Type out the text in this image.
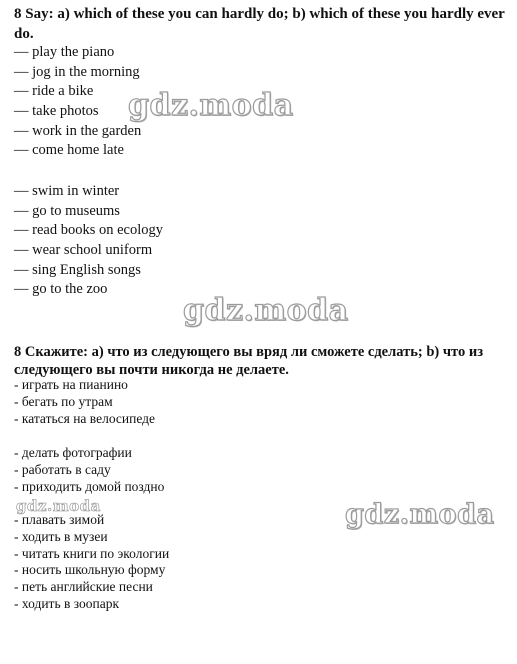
8 Say: a) which of these you can hardly do; b) which of these you hardly ever do.
— play the piano
— jog in the morning
— ride a bike
— take photos
— work in the garden
— come home late
— swim in winter
— go to museums
— read books on ecology
— wear school uniform
— sing English songs
— go to the zoo
8 Скажите: а) что из следующего вы вряд ли сможете сделать; b) что из следующего вы почти никогда не делаете.
- играть на пианино
- бегать по утрам
- кататься на велосипеде
- делать фотографии
- работать в саду
- приходить домой поздно
- плавать зимой
- ходить в музеи
- читать книги по экологии
- носить школьную форму
- петь английские песни
- ходить в зоопарк
gdz.moda
gdz.moda
gdz.moda
gdz.moda
